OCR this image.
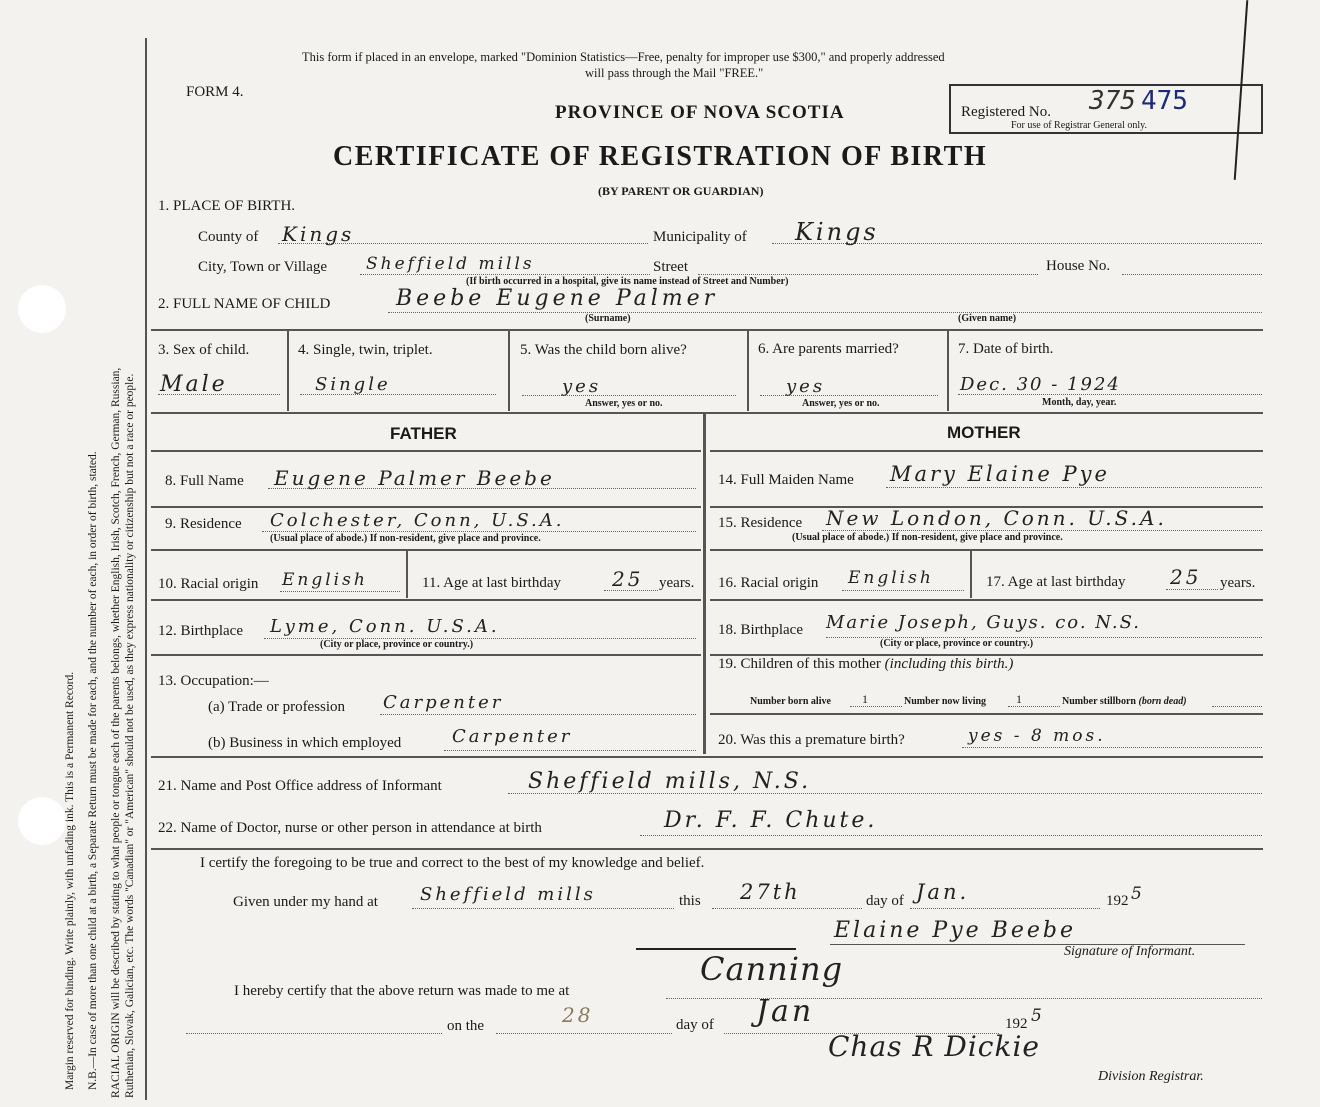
Margin reserved for binding. Write plainly, with unfading ink. This is a Permanent Record. N.B.—In case of more than one child at a birth, a Separate Return must be made for each, and the number of each, in order of birth, stated. RACIAL ORIGIN will be described by stating to what people or tongue each of the parents belongs, whether English, Irish, Scotch, French, German, Russian, Ruthenian, Slovak, Galician, etc. The words "Canadian" or "American" should not be used, as they express nationality or citizenship but not a race or people.
This form if placed in an envelope, marked "Dominion Statistics—Free, penalty for improper use $300," and properly addressed
will pass through the Mail "FREE."
FORM 4.
PROVINCE OF NOVA SCOTIA
CERTIFICATE OF REGISTRATION OF BIRTH
(BY PARENT OR GUARDIAN)
Registered No. 375 475
For use of Registrar General only.
1. PLACE OF BIRTH.
County of Kings	Municipality of Kings
City, Town or Village Sheffield mills	Street	House No.
(If birth occurred in a hospital, give its name instead of Street and Number)
2. FULL NAME OF CHILD	Beebe Eugene Palmer
(Surname)	(Given name)
3. Sex of child.
Male
4. Single, twin, triplet.
Single
5. Was the child born alive?
yes
Answer, yes or no.
6. Are parents married?
yes
Answer, yes or no.
7. Date of birth.
Dec. 30 - 1924
Month, day, year.
FATHER	MOTHER
8. Full Name Eugene Palmer Beebe
9. Residence Colchester, Conn, U.S.A.
(Usual place of abode.) If non-resident, give place and province.
10. Racial origin English	11. Age at last birthday	25 years.
12. Birthplace Lyme, Conn. U.S.A.
(City or place, province or country.)
13. Occupation:—
(a) Trade or profession Carpenter
(b) Business in which employed	Carpenter
14. Full Maiden Name Mary Elaine Pye
15. Residence New London, Conn. U.S.A.
(Usual place of abode.) If non-resident, give place and province.
16. Racial origin English	17. Age at last birthday 25 years.
18. Birthplace Marie Joseph, Guys. co. N.S.
(City or place, province or country.)
19. Children of this mother (including this birth.)
Number born alive	1	Number now living 1	Number stillborn (born dead)
20. Was this a premature birth?	yes - 8 mos.
21. Name and Post Office address of Informant	Sheffield mills, N.S.
22. Name of Doctor, nurse or other person in attendance at birth	Dr. F. F. Chute.
I certify the foregoing to be true and correct to the best of my knowledge and belief.
Given under my hand at Sheffield mills	this 27th	day of Jan.	192 5
Elaine Pye Beebe
Signature of Informant.
I hereby certify that the above return was made to me at
Canning
on the	28	day of Jan	192 5
Chas R Dickie
Division Registrar.
